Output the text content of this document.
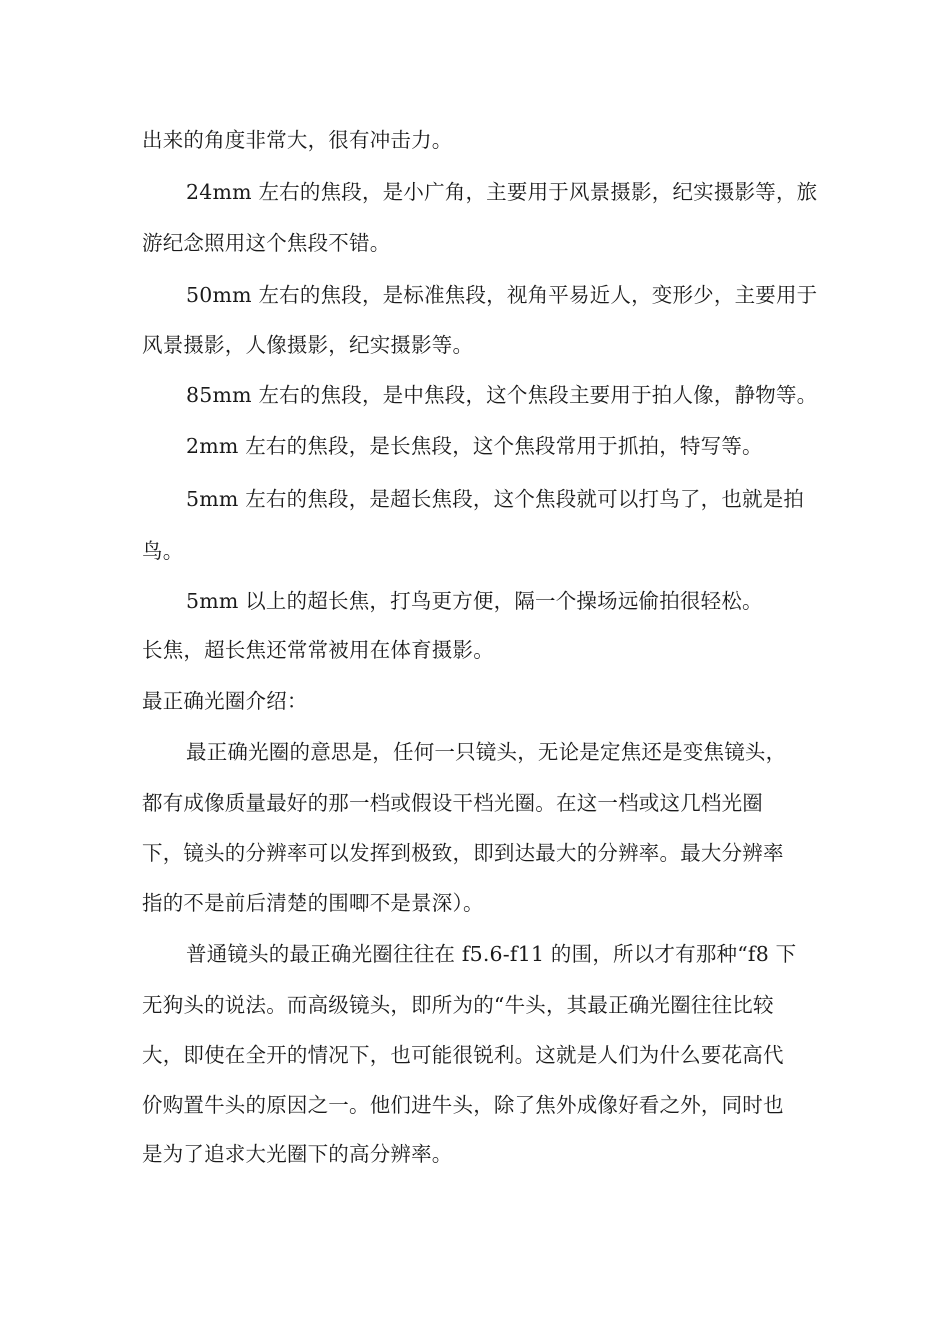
出来的角度非常大，很有冲击力。
24mm 左右的焦段，是小广角，主要用于风景摄影，纪实摄影等，旅
游纪念照用这个焦段不错。
50mm 左右的焦段，是标准焦段，视角平易近人，变形少，主要用于
风景摄影，人像摄影，纪实摄影等。
85mm 左右的焦段，是中焦段，这个焦段主要用于拍人像，静物等。
2mm 左右的焦段，是长焦段，这个焦段常用于抓拍，特写等。
5mm 左右的焦段，是超长焦段，这个焦段就可以打鸟了，也就是拍
鸟。
5mm 以上的超长焦，打鸟更方便，隔一个操场远偷拍很轻松。
长焦，超长焦还常常被用在体育摄影。
最正确光圈介绍：
最正确光圈的意思是，任何一只镜头，无论是定焦还是变焦镜头，
都有成像质量最好的那一档或假设干档光圈。在这一档或这几档光圈
下，镜头的分辨率可以发挥到极致，即到达最大的分辨率。最大分辨率
指的不是前后清楚的围唧不是景深）。
普通镜头的最正确光圈往往在 f5.6-f11 的围，所以才有那种“f8 下
无狗头的说法。而高级镜头，即所为的“牛头，其最正确光圈往往比较
大，即使在全开的情况下，也可能很锐利。这就是人们为什么要花高代
价购置牛头的原因之一。他们进牛头，除了焦外成像好看之外，同时也
是为了追求大光圈下的高分辨率。
